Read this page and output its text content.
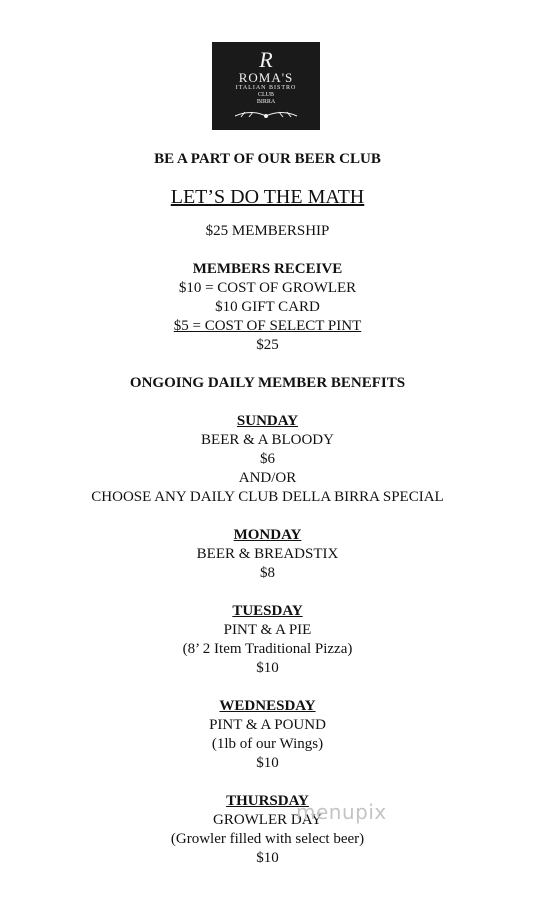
R
ROMA'S
ITALIAN BISTRO
CLUB
BIRRA

BE A PART OF OUR BEER CLUB

LET’S DO THE MATH

$25 MEMBERSHIP

MEMBERS RECEIVE

$10 = COST OF GROWLER

$10 GIFT CARD

$5 = COST OF SELECT PINT

$25

ONGOING DAILY MEMBER BENEFITS

SUNDAY

BEER & A BLOODY

$6

AND/OR

CHOOSE ANY DAILY CLUB DELLA BIRRA SPECIAL

MONDAY

BEER & BREADSTIX

$8

TUESDAY

PINT & A PIE

(8’ 2 Item Traditional Pizza)

$10

WEDNESDAY

PINT & A POUND

(1lb of our Wings)

$10

THURSDAY

GROWLER DAY

(Growler filled with select beer)

$10

menupix
